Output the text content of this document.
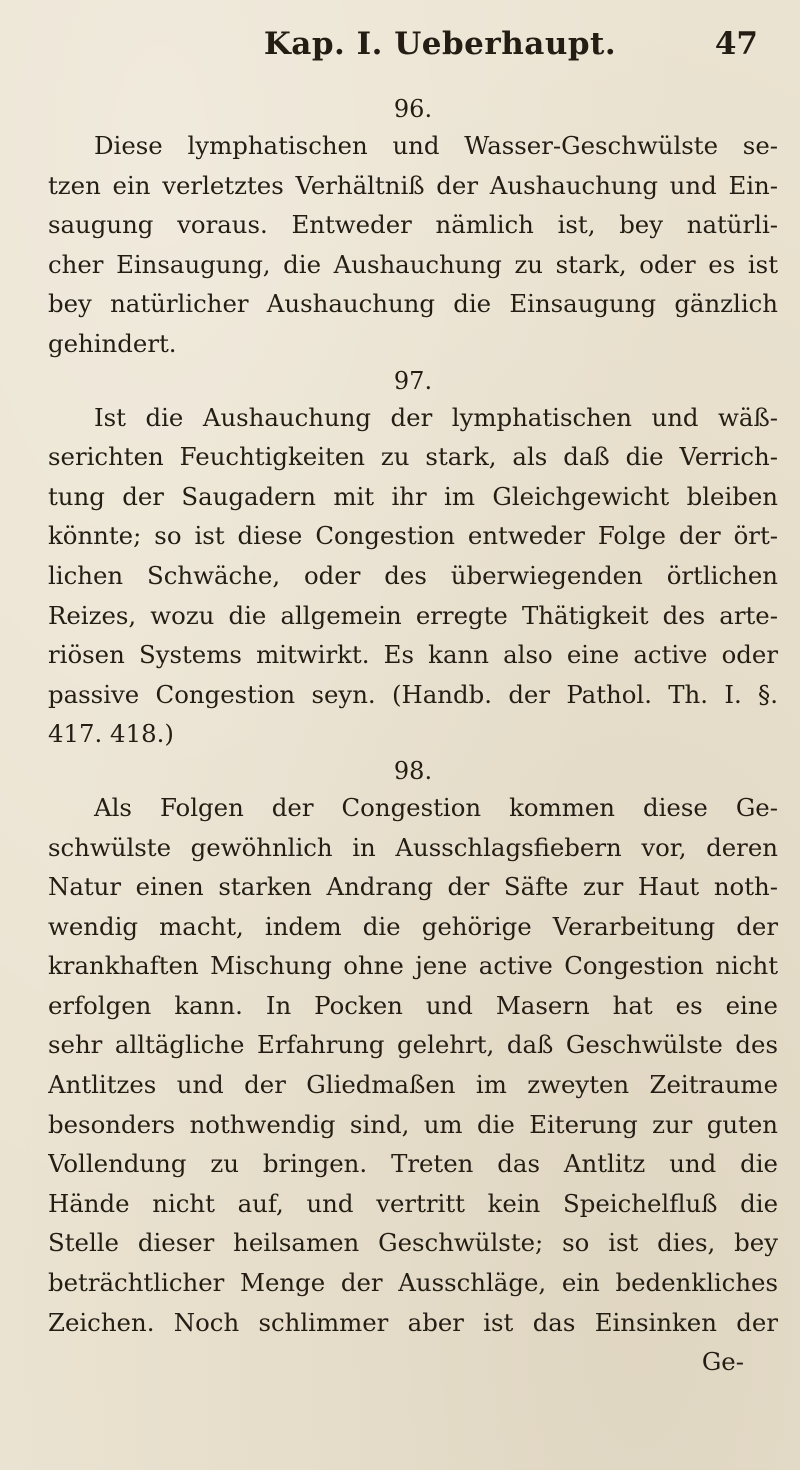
Kap. I. Ueberhaupt.	47
96.
Diese lymphatischen und Wasser-Geschwülste se-
tzen ein verletztes Verhältniß der Aushauchung und Ein-
saugung voraus. Entweder nämlich ist, bey natürli-
cher Einsaugung, die Aushauchung zu stark, oder es ist
bey natürlicher Aushauchung die Einsaugung gänzlich
gehindert.
97.
Ist die Aushauchung der lymphatischen und wäß-
serichten Feuchtigkeiten zu stark, als daß die Verrich-
tung der Saugadern mit ihr im Gleichgewicht bleiben
könnte; so ist diese Congestion entweder Folge der ört-
lichen Schwäche, oder des überwiegenden örtlichen
Reizes, wozu die allgemein erregte Thätigkeit des arte-
riösen Systems mitwirkt. Es kann also eine active oder
passive Congestion seyn. (Handb. der Pathol. Th. I. §.
417. 418.)
98.
Als Folgen der Congestion kommen diese Ge-
schwülste gewöhnlich in Ausschlagsfiebern vor, deren
Natur einen starken Andrang der Säfte zur Haut noth-
wendig macht, indem die gehörige Verarbeitung der
krankhaften Mischung ohne jene active Congestion nicht
erfolgen kann. In Pocken und Masern hat es eine
sehr alltägliche Erfahrung gelehrt, daß Geschwülste des
Antlitzes und der Gliedmaßen im zweyten Zeitraume
besonders nothwendig sind, um die Eiterung zur guten
Vollendung zu bringen. Treten das Antlitz und die
Hände nicht auf, und vertritt kein Speichelfluß die
Stelle dieser heilsamen Geschwülste; so ist dies, bey
beträchtlicher Menge der Ausschläge, ein bedenkliches
Zeichen. Noch schlimmer aber ist das Einsinken der
Ge-
